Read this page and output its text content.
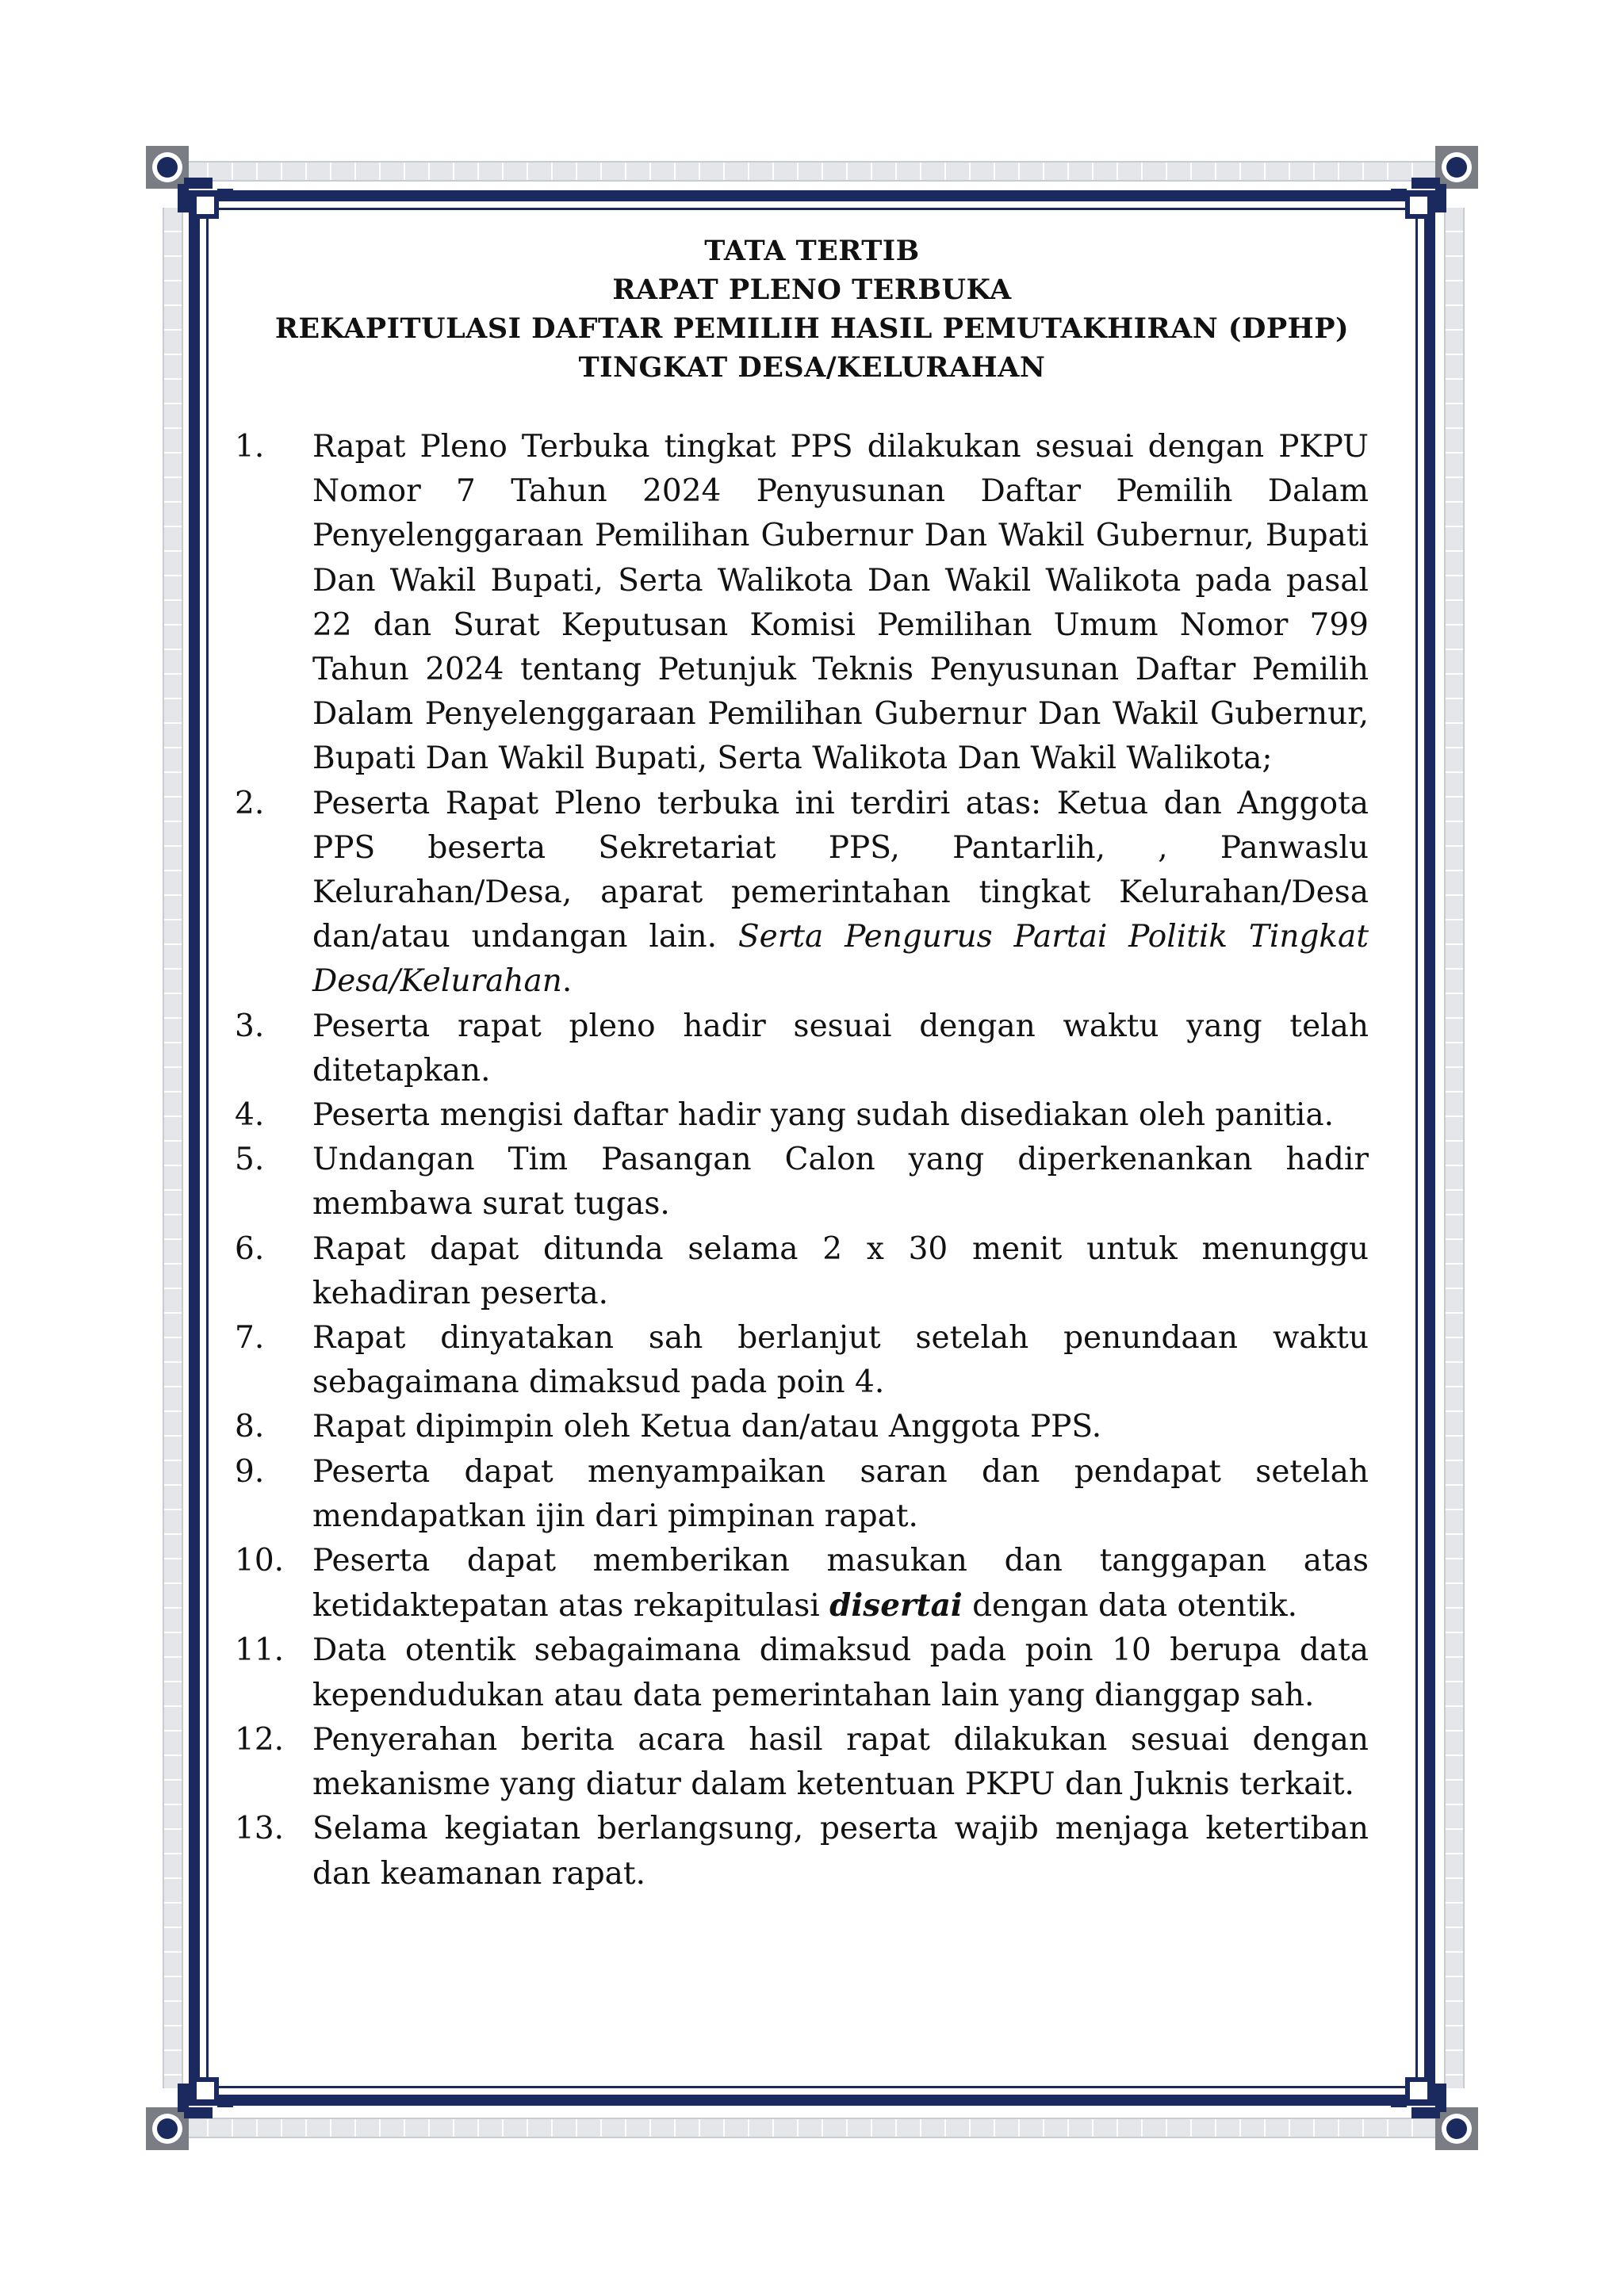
TATA TERTIB
RAPAT PLENO TERBUKA
REKAPITULASI DAFTAR PEMILIH HASIL PEMUTAKHIRAN (DPHP)
TINGKAT DESA/KELURAHAN
1.	Rapat Pleno Terbuka tingkat PPS dilakukan sesuai dengan PKPU Nomor 7 Tahun 2024 Penyusunan Daftar Pemilih Dalam Penyelenggaraan Pemilihan Gubernur Dan Wakil Gubernur, Bupati Dan Wakil Bupati, Serta Walikota Dan Wakil Walikota pada pasal 22 dan Surat Keputusan Komisi Pemilihan Umum Nomor 799 Tahun 2024 tentang Petunjuk Teknis Penyusunan Daftar Pemilih Dalam Penyelenggaraan Pemilihan Gubernur Dan Wakil Gubernur, Bupati Dan Wakil Bupati, Serta Walikota Dan Wakil Walikota;
2.	Peserta Rapat Pleno terbuka ini terdiri atas: Ketua dan Anggota PPS beserta Sekretariat PPS, Pantarlih, , Panwaslu Kelurahan/Desa, aparat pemerintahan tingkat Kelurahan/Desa dan/atau undangan lain. Serta Pengurus Partai Politik Tingkat Desa/Kelurahan.
3.	Peserta rapat pleno hadir sesuai dengan waktu yang telah ditetapkan.
4.	Peserta mengisi daftar hadir yang sudah disediakan oleh panitia.
5.	Undangan Tim Pasangan Calon yang diperkenankan hadir membawa surat tugas.
6.	Rapat dapat ditunda selama 2 x 30 menit untuk menunggu kehadiran peserta.
7.	Rapat dinyatakan sah berlanjut setelah penundaan waktu sebagaimana dimaksud pada poin 4.
8.	Rapat dipimpin oleh Ketua dan/atau Anggota PPS.
9.	Peserta dapat menyampaikan saran dan pendapat setelah mendapatkan ijin dari pimpinan rapat.
10. Peserta dapat memberikan masukan dan tanggapan atas ketidaktepatan atas rekapitulasi disertai dengan data otentik.
11. Data otentik sebagaimana dimaksud pada poin 10 berupa data kependudukan atau data pemerintahan lain yang dianggap sah.
12. Penyerahan berita acara hasil rapat dilakukan sesuai dengan mekanisme yang diatur dalam ketentuan PKPU dan Juknis terkait.
13. Selama kegiatan berlangsung, peserta wajib menjaga ketertiban dan keamanan rapat.
